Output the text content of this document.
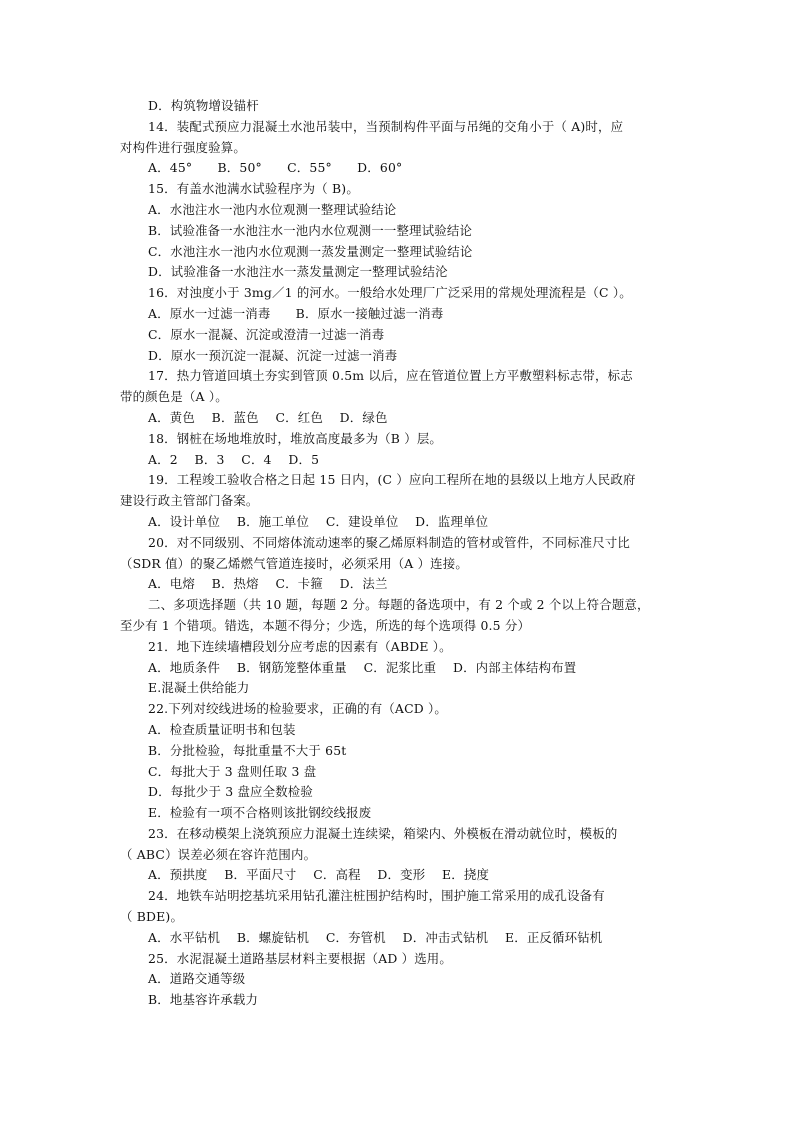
D．构筑物增设锚杆
14．装配式预应力混凝土水池吊装中，当预制构件平面与吊绳的交角小于（ A)时，应
对构件进行强度验算。
A．45°　　B．50°　　C．55°　　D．60°
15．有盖水池满水试验程序为（ B)。
A．水池注水一池内水位观测一整理试验结论
B．试验准备一水池注水一池内水位观测一一整理试验结论
C．水池注水一池内水位观测一蒸发量测定一整理试验结论
D．试验准备一水池注水一蒸发量测定一整理试验结沦
16．对浊度小于 3mg／1 的河水。一般给水处理厂广泛采用的常规处理流程是（C ）。
A．原水一过滤一消毒　　B．原水一接触过滤一消毒
C．原水一混凝、沉淀或澄清一过滤一消毒
D．原水一预沉淀一混凝、沉淀一过滤一消毒
17．热力管道回填土夯实到管顶 0.5m 以后，应在管道位置上方平敷塑料标志带，标志
带的颜色是（A ）。
A．黄色　 B．蓝色　 C．红色　 D．绿色
18．钢桩在场地堆放时，堆放高度最多为（B ）层。
A．2　 B．3　 C．4　 D．5
19．工程竣工验收合格之日起 15 日内，(C ）应向工程所在地的县级以上地方人民政府
建设行政主管部门备案。
A．设计单位　 B．施工单位　 C．建设单位　 D．监理单位
20．对不同级别、不同熔体流动速率的聚乙烯原料制造的管材或管件，不同标准尺寸比
（SDR 值）的聚乙烯燃气管道连接时，必须采用（A ）连接。
A．电熔　 B．热熔　 C．卡箍　 D．法兰
二、多项选择题（共 10 题，每题 2 分。每题的备选项中，有 2 个或 2 个以上符合题意，
至少有 1 个错项。错选，本题不得分；少选，所选的每个选项得 0.5 分）
21．地下连续墙槽段划分应考虑的因素有（ABDE ）。
A．地质条件　 B．钢筋笼整体重量　 C．泥浆比重　 D．内部主体结构布置
E.混凝土供给能力
22.下列对绞线进场的检验要求，正确的有（ACD ）。
A．检查质量证明书和包装
B．分批检验，每批重量不大于 65t
C．每批大于 3 盘则任取 3 盘
D．每批少于 3 盘应全数检验
E．检验有一项不合格则该批钢绞线报废
23．在移动模架上浇筑预应力混凝土连续梁，箱梁内、外模板在滑动就位时，模板的
（ ABC）误差必须在容许范围内。
A．预拱度　 B．平面尺寸　 C．高程　 D．变形　 E．挠度
24．地铁车站明挖基坑采用钻孔灌注桩围护结构时，围护施工常采用的成孔设备有
（ BDE)。
A．水平钻机　 B．螺旋钻机　 C．夯管机　 D．冲击式钻机　 E．正反循环钻机
25．水泥混凝土道路基层材料主要根据（AD ）选用。
A．道路交通等级
B．地基容许承载力
